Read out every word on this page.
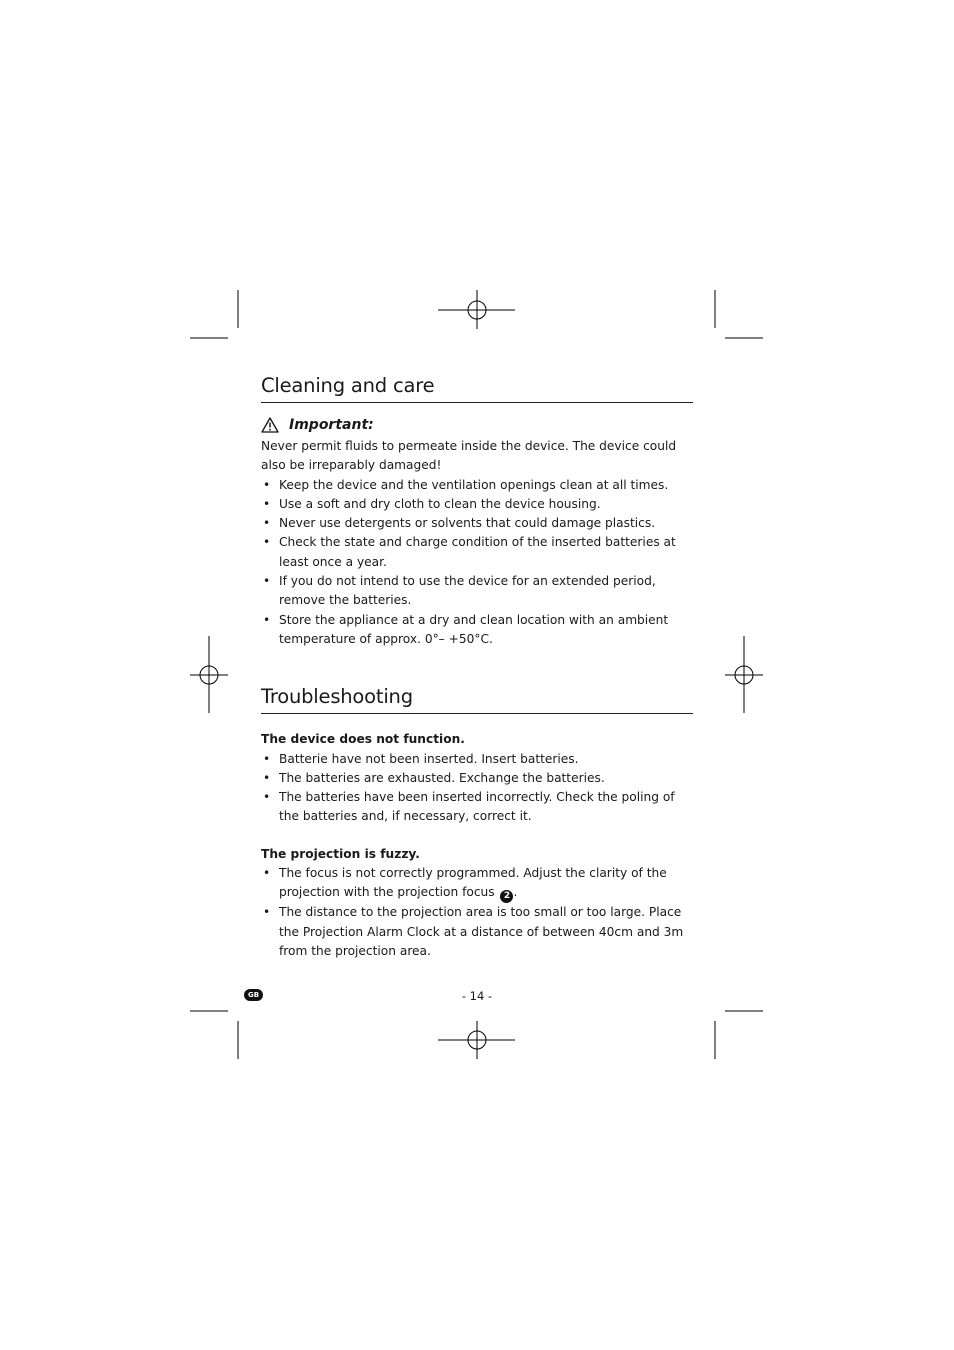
Cleaning and care
Important:

Never permit fluids to permeate inside the device. The device could also be irreparably damaged!

• Keep the device and the ventilation openings clean at all times.
• Use a soft and dry cloth to clean the device housing.
• Never use detergents or solvents that could damage plastics.
• Check the state and charge condition of the inserted batteries at least once a year.
• If you do not intend to use the device for an extended period, remove the batteries.
• Store the appliance at a dry and clean location with an ambient temperature of approx. 0°– +50°C.
Troubleshooting

The device does not function.

• Batterie have not been inserted. Insert batteries.
• The batteries are exhausted. Exchange the batteries.
• The batteries have been inserted incorrectly. Check the poling of the batteries and, if necessary, correct it.

The projection is fuzzy.

• The focus is not correctly programmed. Adjust the clarity of the projection with the projection focus 2 .
• The distance to the projection area is too small or too large. Place the Projection Alarm Clock at a distance of between 40cm and 3m from the projection area.
GB	- 14 -
